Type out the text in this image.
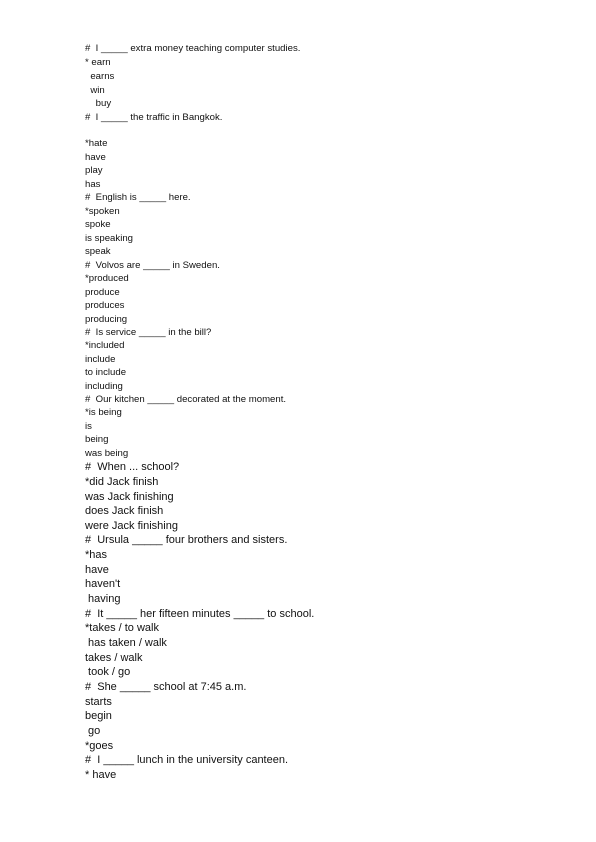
#  I _____ extra money teaching computer studies.
* earn
earns
win
buy
#  I _____ the traffic in Bangkok.
*hate
have
play
has
#  English is _____ here.
*spoken
spoke
is speaking
speak
#  Volvos are _____ in Sweden.
*produced
produce
produces
producing
#  Is service _____ in the bill?
*included
include
to include
including
#  Our kitchen _____ decorated at the moment.
*is being
is
being
was being
#  When ... school?
*did Jack finish
was Jack finishing
does Jack finish
were Jack finishing
#  Ursula _____ four brothers and sisters.
*has
have
haven't
having
#  It _____ her fifteen minutes _____ to school.
*takes / to walk
has taken / walk
takes / walk
took / go
#  She _____ school at 7:45 a.m.
starts
begin
go
*goes
#  I _____ lunch in the university canteen.
* have
